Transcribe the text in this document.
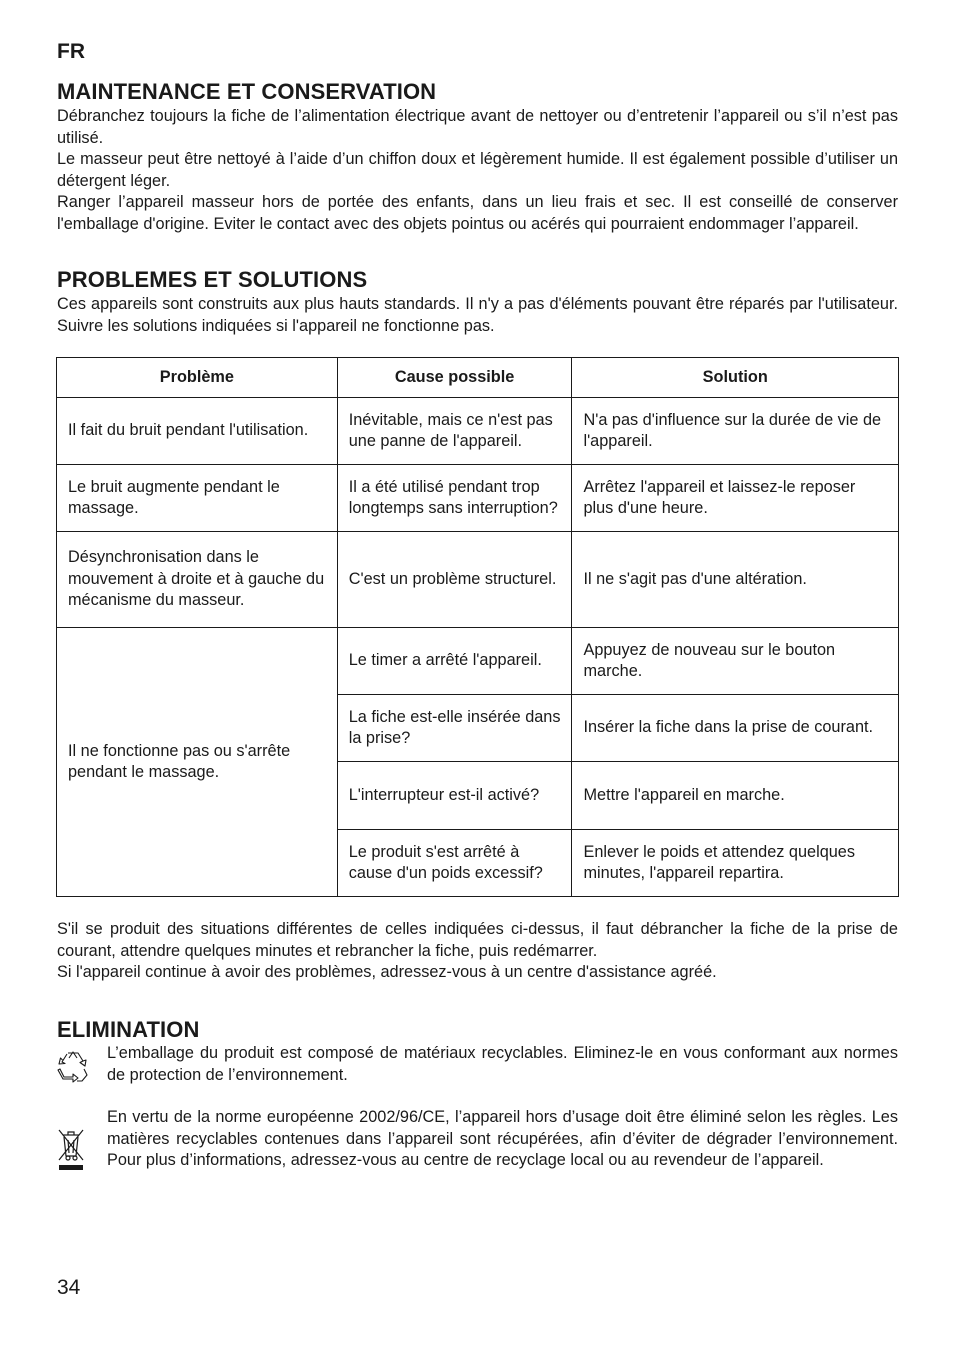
FR
MAINTENANCE ET CONSERVATION

Débranchez toujours la fiche de l’alimentation électrique avant de nettoyer ou d’entretenir l’appareil ou s’il n’est pas utilisé.

Le masseur peut être nettoyé à l’aide d’un chiffon doux et légèrement humide. Il est également possible d’utiliser un détergent léger.

Ranger l’appareil masseur hors de portée des enfants, dans un lieu frais et sec. Il est conseillé de conserver l'emballage d'origine. Eviter le contact avec des objets pointus ou acérés qui pourraient endommager l’appareil.

PROBLEMES ET SOLUTIONS

Ces appareils sont construits aux plus hauts standards. Il n'y a pas d'éléments pouvant être réparés par l'utilisateur. Suivre les solutions indiquées si l'appareil ne fonctionne pas.

Problème	Cause possible	Solution
Il fait du bruit pendant l'utilisation.	Inévitable, mais ce n'est pas une panne de l'appareil.	N'a pas d'influence sur la durée de vie de l'appareil.
Le bruit augmente pendant le massage.	Il a été utilisé pendant trop longtemps sans interruption?	Arrêtez l'appareil et laissez-le reposer plus d'une heure.
Désynchronisation dans le mouvement à droite et à gauche du mécanisme du masseur.	C'est un problème structurel.	Il ne s'agit pas d'une altération.
Il ne fonctionne pas ou s'arrête pendant le massage.	Le timer a arrêté l'appareil.	Appuyez de nouveau sur le bouton marche.
	La fiche est-elle insérée dans la prise?	Insérer la fiche dans la prise de courant.
	L'interrupteur est-il activé?	Mettre l'appareil en marche.
	Le produit s'est arrêté à cause d'un poids excessif?	Enlever le poids et attendez quelques minutes, l'appareil repartira.

S'il se produit des situations différentes de celles indiquées ci-dessus, il faut débrancher la fiche de la prise de courant, attendre quelques minutes et rebrancher la fiche, puis redémarrer.

Si l'appareil continue à avoir des problèmes, adressez-vous à un centre d'assistance agréé.

ELIMINATION
L’emballage du produit est composé de matériaux recyclables. Eliminez-le en vous conformant aux normes de protection de l’environnement.
En vertu de la norme européenne 2002/96/CE, l’appareil hors d’usage doit être éliminé selon les règles. Les matières recyclables contenues dans l’appareil sont récupérées, afin d’éviter de dégrader l’environnement. Pour plus d’informations, adressez-vous au centre de recyclage local ou au revendeur de l’appareil.
34
